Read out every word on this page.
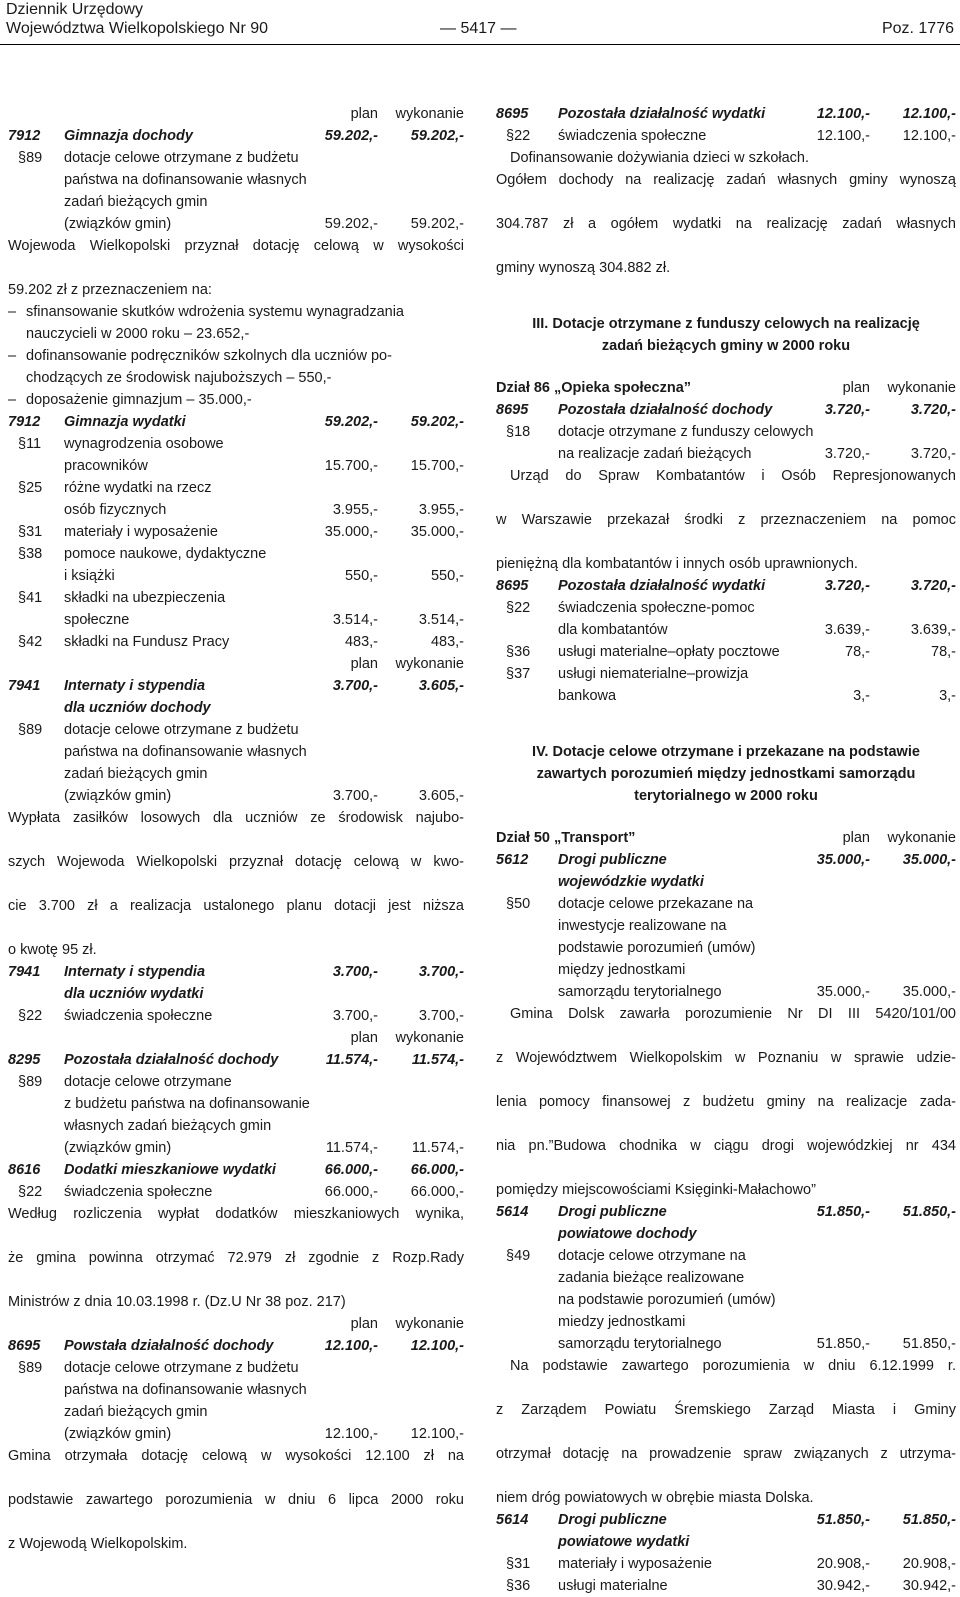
Dziennik Urzędowy
Województwa Wielkopolskiego Nr 90	— 5417 —	Poz. 1776
plan wykonanie
7912 Gimnazja dochody	59.202,- 59.202,-
§89 dotacje celowe otrzymane z budżetu
państwa na dofinansowanie własnych
zadań bieżących gmin
(związków gmin)	59.202,- 59.202,-
Wojewoda Wielkopolski przyznał dotację celową w wysokości
59.202 zł z przeznaczeniem na:
– sfinansowanie skutków wdrożenia systemu wynagradzania
nauczycieli w 2000 roku – 23.652,-
– dofinansowanie podręczników szkolnych dla uczniów po-
chodzących ze środowisk najuboższych – 550,-
– doposażenie gimnazjum – 35.000,-
7912 Gimnazja wydatki	59.202,- 59.202,-
§11 wynagrodzenia osobowe
pracowników	15.700,- 15.700,-
§25 różne wydatki na rzecz
osób fizycznych	3.955,-	3.955,-
§31 materiały i wyposażenie	35.000,- 35.000,-
§38 pomoce naukowe, dydaktyczne
i książki	550,-	550,-
§41 składki na ubezpieczenia
społeczne	3.514,-	3.514,-
§42 składki na Fundusz Pracy	483,-	483,-
plan wykonanie
7941 Internaty i stypendia	3.700,-	3.605,-
dla uczniów dochody
§89 dotacje celowe otrzymane z budżetu
państwa na dofinansowanie własnych
zadań bieżących gmin
(związków gmin)	3.700,-	3.605,-
Wypłata zasiłków losowych dla uczniów ze środowisk najubo-
szych Wojewoda Wielkopolski przyznał dotację celową w kwo-
cie 3.700 zł a realizacja ustalonego planu dotacji jest niższa
o kwotę 95 zł.
7941 Internaty i stypendia	3.700,-	3.700,-
dla uczniów wydatki
§22 świadczenia społeczne	3.700,-	3.700,-
plan wykonanie
8295 Pozostała działalność dochody	11.574,- 11.574,-
§89 dotacje celowe otrzymane
z budżetu państwa na dofinansowanie
własnych zadań bieżących gmin
(związków gmin)	11.574,- 11.574,-
8616 Dodatki mieszkaniowe wydatki	66.000,- 66.000,-
§22 świadczenia społeczne	66.000,- 66.000,-
Według rozliczenia wypłat dodatków mieszkaniowych wynika,
że gmina powinna otrzymać 72.979 zł zgodnie z Rozp.Rady
Ministrów z dnia 10.03.1998 r. (Dz.U Nr 38 poz. 217)
plan wykonanie
8695 Powstała działalność dochody	12.100,- 12.100,-
§89 dotacje celowe otrzymane z budżetu
państwa na dofinansowanie własnych
zadań bieżących gmin
(związków gmin)	12.100,- 12.100,-
Gmina otrzymała dotację celową w wysokości 12.100 zł na
podstawie zawartego porozumienia w dniu 6 lipca 2000 roku
z Wojewodą Wielkopolskim.
8695 Pozostała działalność wydatki	12.100,- 12.100,-
§22 świadczenia społeczne	12.100,- 12.100,-
Dofinansowanie dożywiania dzieci w szkołach.
Ogółem dochody na realizację zadań własnych gminy wynoszą
304.787 zł a ogółem wydatki na realizację zadań własnych
gminy wynoszą 304.882 zł.
III. Dotacje otrzymane z funduszy celowych na realizację
zadań bieżących gminy w 2000 roku
Dział 86 „Opieka społeczna”	plan wykonanie
8695 Pozostała działalność dochody	3.720,-	3.720,-
§18 dotacje otrzymane z funduszy celowych
na realizacje zadań bieżących	3.720,-	3.720,-
Urząd do Spraw Kombatantów i Osób Represjonowanych
w Warszawie przekazał środki z przeznaczeniem na pomoc
pieniężną dla kombatantów i innych osób uprawnionych.
8695 Pozostała działalność wydatki	3.720,-	3.720,-
§22 świadczenia społeczne-pomoc
dla kombatantów	3.639,-	3.639,-
§36 usługi materialne–opłaty pocztowe	78,-	78,-
§37 usługi niematerialne–prowizja
bankowa	3,-	3,-
IV. Dotacje celowe otrzymane i przekazane na podstawie
zawartych porozumień między jednostkami samorządu
terytorialnego w 2000 roku
Dział 50 „Transport”	plan wykonanie
5612 Drogi publiczne	35.000,- 35.000,-
wojewódzkie wydatki
§50 dotacje celowe przekazane na
inwestycje realizowane na
podstawie porozumień (umów)
między jednostkami
samorządu terytorialnego	35.000,- 35.000,-
Gmina Dolsk zawarła porozumienie Nr DI III 5420/101/00
z Województwem Wielkopolskim w Poznaniu w sprawie udzie-
lenia pomocy finansowej z budżetu gminy na realizacje zada-
nia pn.”Budowa chodnika w ciągu drogi wojewódzkiej nr 434
pomiędzy miejscowościami Księginki-Małachowo”
5614 Drogi publiczne	51.850,- 51.850,-
powiatowe dochody
§49 dotacje celowe otrzymane na
zadania bieżące realizowane
na podstawie porozumień (umów)
miedzy jednostkami
samorządu terytorialnego	51.850,- 51.850,-
Na podstawie zawartego porozumienia w dniu 6.12.1999 r.
z Zarządem Powiatu Śremskiego Zarząd Miasta i Gminy
otrzymał dotację na prowadzenie spraw związanych z utrzyma-
niem dróg powiatowych w obrębie miasta Dolska.
5614 Drogi publiczne	51.850,- 51.850,-
powiatowe wydatki
§31 materiały i wyposażenie	20.908,- 20.908,-
§36 usługi materialne	30.942,- 30.942,-
